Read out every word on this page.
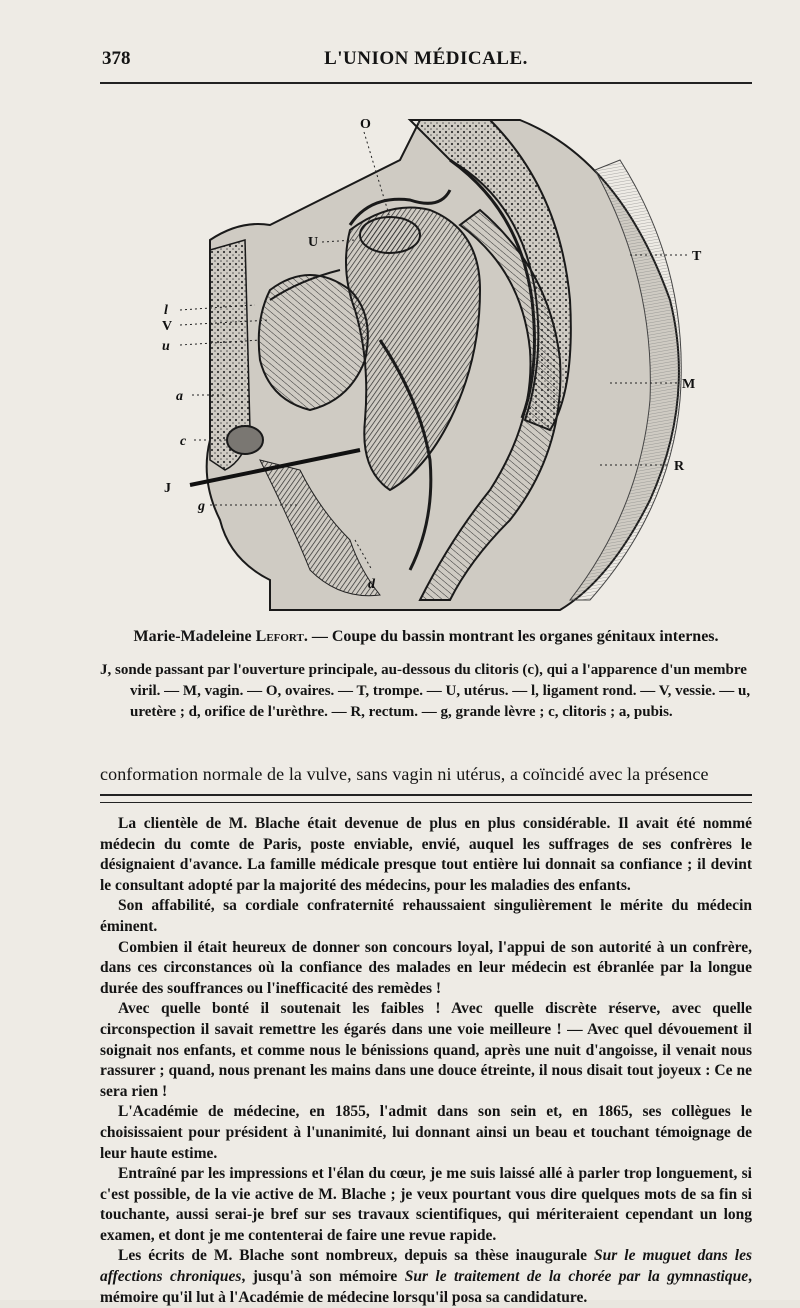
378	L'UNION MÉDICALE.
O
U
T
l
V
u
a
c
J
g
M
R
d
Marie-Madeleine Lefort. — Coupe du bassin montrant les organes génitaux internes.

J, sonde passant par l'ouverture principale, au-dessous du clitoris (c), qui a l'apparence d'un membre viril. — M, vagin. — O, ovaires. — T, trompe. — U, utérus. — l, ligament rond. — V, vessie. — u, uretère ; d, orifice de l'urèthre. — R, rectum. — g, grande lèvre ; c, clitoris ; a, pubis.

conformation normale de la vulve, sans vagin ni utérus, a coïncidé avec la présence

La clientèle de M. Blache était devenue de plus en plus considérable. Il avait été nommé médecin du comte de Paris, poste enviable, envié, auquel les suffrages de ses confrères le désignaient d'avance. La famille médicale presque tout entière lui donnait sa confiance ; il devint le consultant adopté par la majorité des médecins, pour les maladies des enfants.

Son affabilité, sa cordiale confraternité rehaussaient singulièrement le mérite du médecin éminent.

Combien il était heureux de donner son concours loyal, l'appui de son autorité à un confrère, dans ces circonstances où la confiance des malades en leur médecin est ébranlée par la longue durée des souffrances ou l'inefficacité des remèdes !

Avec quelle bonté il soutenait les faibles ! Avec quelle discrète réserve, avec quelle circonspection il savait remettre les égarés dans une voie meilleure ! — Avec quel dévouement il soignait nos enfants, et comme nous le bénissions quand, après une nuit d'angoisse, il venait nous rassurer ; quand, nous prenant les mains dans une douce étreinte, il nous disait tout joyeux : Ce ne sera rien !

L'Académie de médecine, en 1855, l'admit dans son sein et, en 1865, ses collègues le choisissaient pour président à l'unanimité, lui donnant ainsi un beau et touchant témoignage de leur haute estime.

Entraîné par les impressions et l'élan du cœur, je me suis laissé allé à parler trop longuement, si c'est possible, de la vie active de M. Blache ; je veux pourtant vous dire quelques mots de sa fin si touchante, aussi serai-je bref sur ses travaux scientifiques, qui mériteraient cependant un long examen, et dont je me contenterai de faire une revue rapide.

Les écrits de M. Blache sont nombreux, depuis sa thèse inaugurale Sur le muguet dans les affections chroniques, jusqu'à son mémoire Sur le traitement de la chorée par la gymnastique, mémoire qu'il lut à l'Académie de médecine lorsqu'il posa sa candidature.
